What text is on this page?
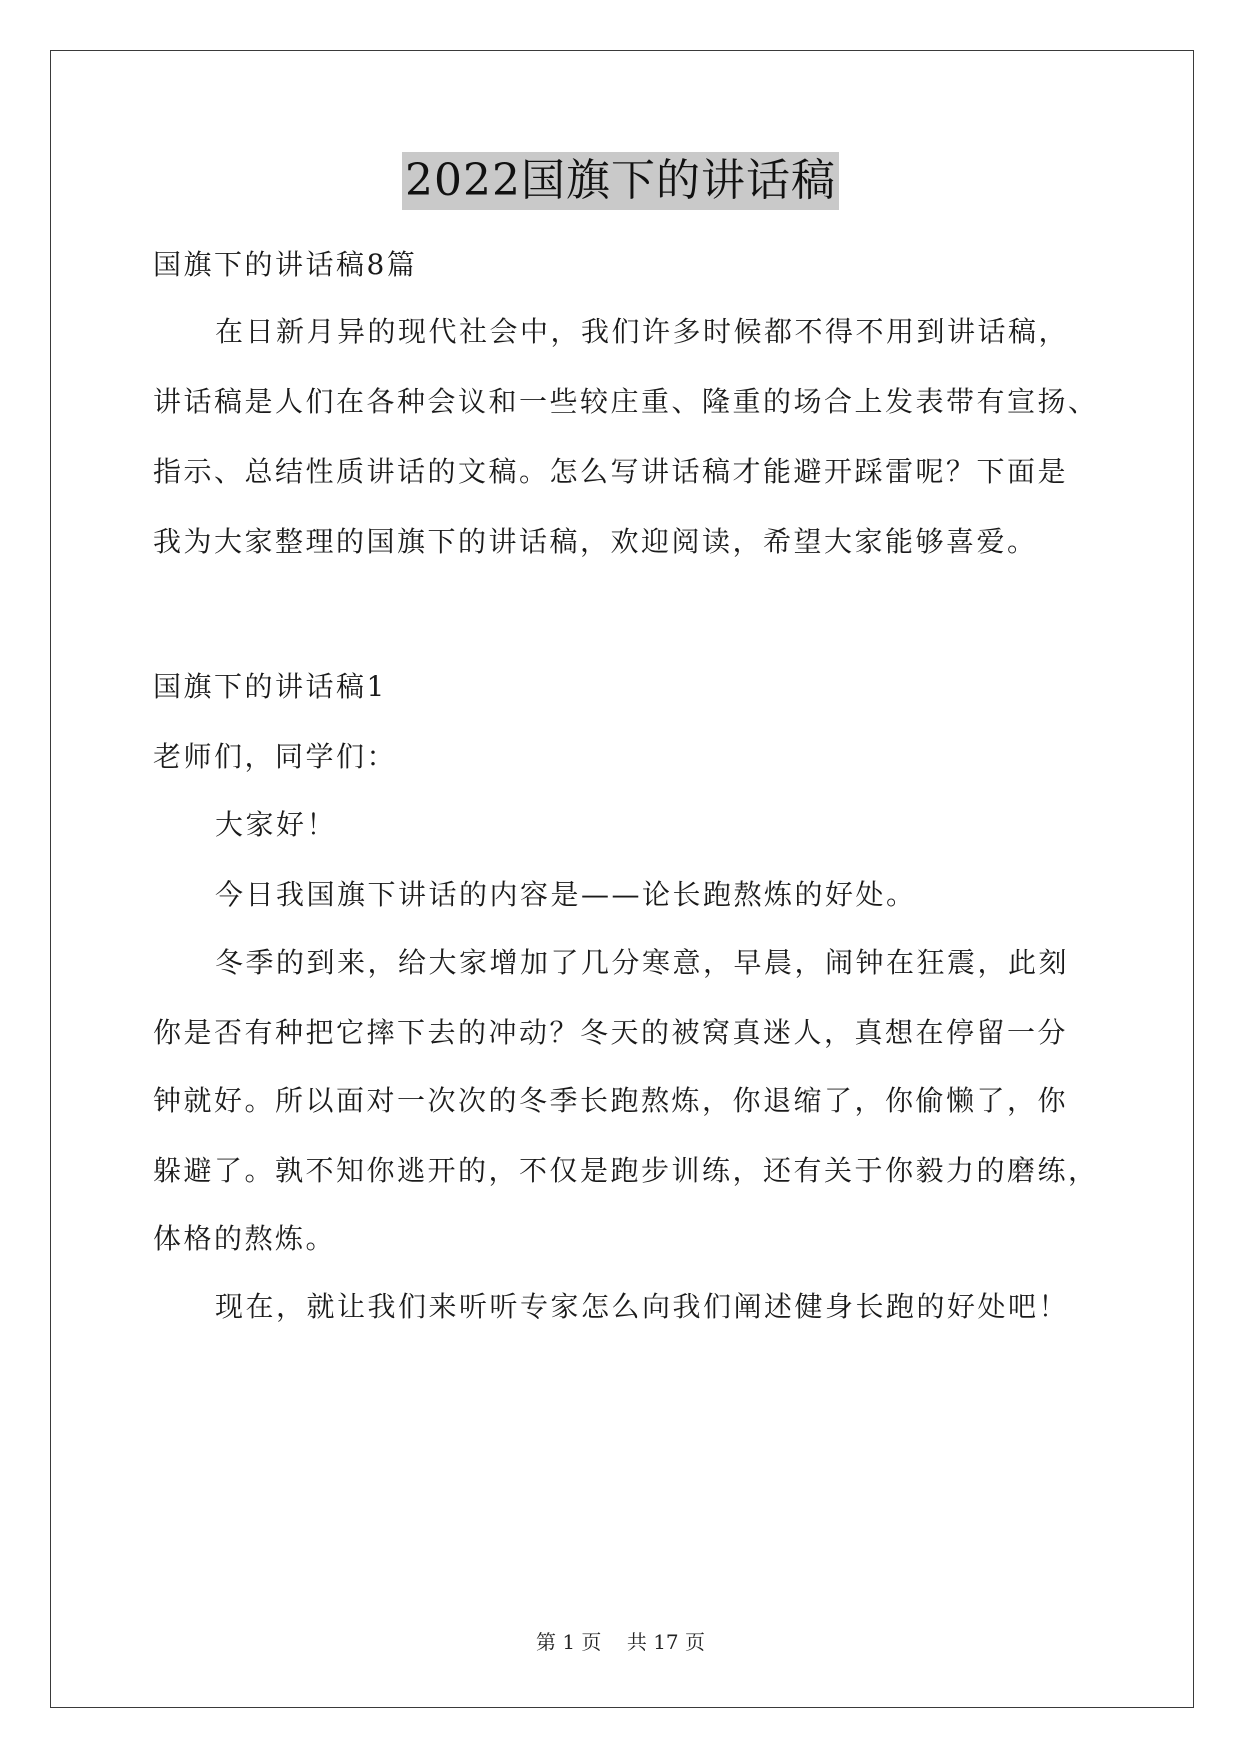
2022国旗下的讲话稿
国旗下的讲话稿8篇
在日新月异的现代社会中，我们许多时候都不得不用到讲话稿，
讲话稿是人们在各种会议和一些较庄重、隆重的场合上发表带有宣扬、
指示、总结性质讲话的文稿。怎么写讲话稿才能避开踩雷呢？下面是
我为大家整理的国旗下的讲话稿，欢迎阅读，希望大家能够喜爱。
国旗下的讲话稿1
老师们，同学们：
大家好！
今日我国旗下讲话的内容是——论长跑熬炼的好处。
冬季的到来，给大家增加了几分寒意，早晨，闹钟在狂震，此刻
你是否有种把它摔下去的冲动？冬天的被窝真迷人，真想在停留一分
钟就好。所以面对一次次的冬季长跑熬炼，你退缩了，你偷懒了，你
躲避了。孰不知你逃开的，不仅是跑步训练，还有关于你毅力的磨练，
体格的熬炼。
现在，就让我们来听听专家怎么向我们阐述健身长跑的好处吧！
第 1 页    共 17 页
